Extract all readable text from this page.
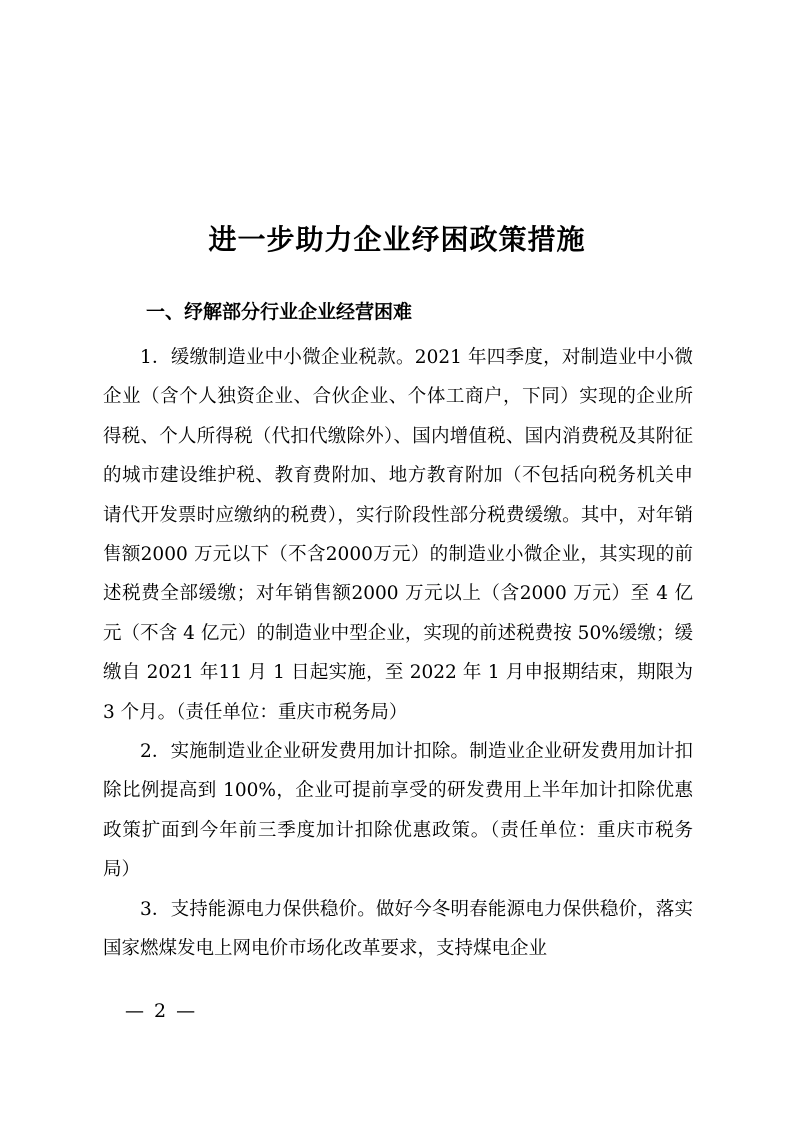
进一步助力企业纾困政策措施
一、纾解部分行业企业经营困难

1．缓缴制造业中小微企业税款。2021 年四季度，对制造业中小微企业（含个人独资企业、合伙企业、个体工商户，下同）实现的企业所得税、个人所得税（代扣代缴除外）、国内增值税、国内消费税及其附征的城市建设维护税、教育费附加、地方教育附加（不包括向税务机关申请代开发票时应缴纳的税费），实行阶段性部分税费缓缴。其中，对年销售额2000 万元以下（不含2000万元）的制造业小微企业，其实现的前述税费全部缓缴；对年销售额2000 万元以上（含2000 万元）至 4 亿元（不含 4 亿元）的制造业中型企业，实现的前述税费按 50%缓缴；缓缴自 2021 年11 月 1 日起实施，至 2022 年 1 月申报期结束，期限为 3 个月。（责任单位：重庆市税务局）

2．实施制造业企业研发费用加计扣除。制造业企业研发费用加计扣除比例提高到 100%，企业可提前享受的研发费用上半年加计扣除优惠政策扩面到今年前三季度加计扣除优惠政策。（责任单位：重庆市税务局）

3．支持能源电力保供稳价。做好今冬明春能源电力保供稳价，落实国家燃煤发电上网电价市场化改革要求，支持煤电企业

— 2 —
